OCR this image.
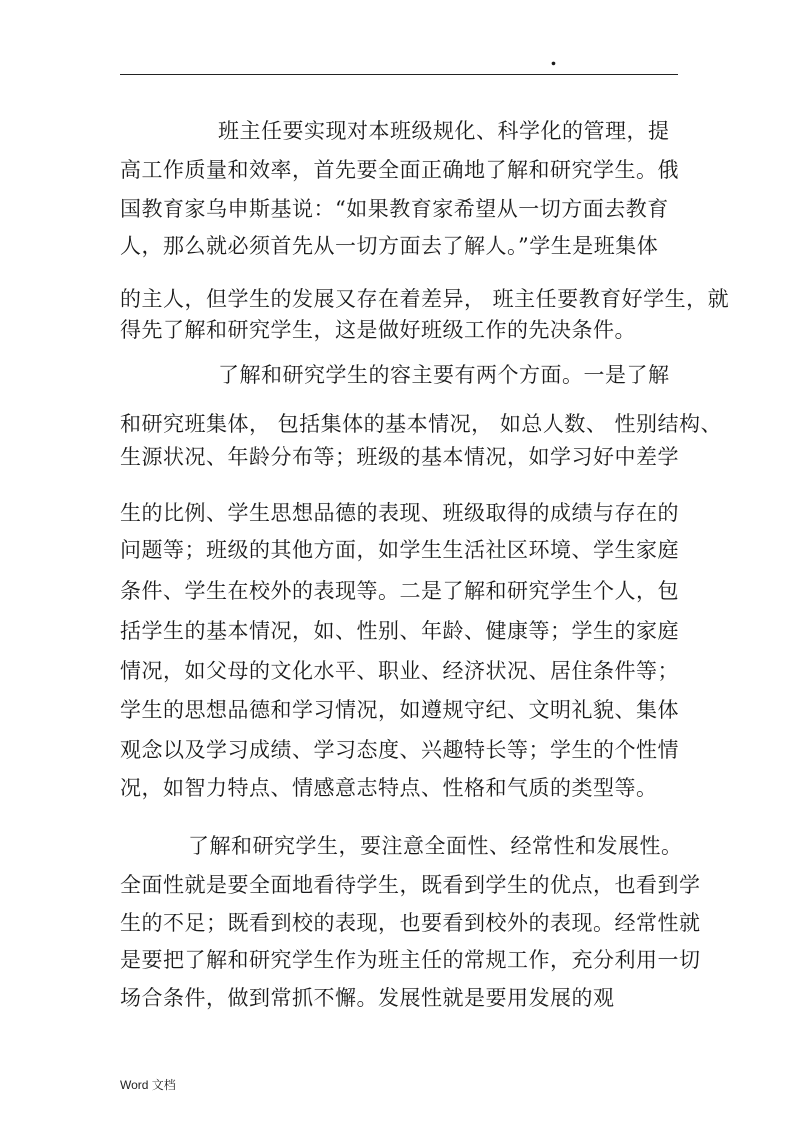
.
班主任要实现对本班级规化、科学化的管理，提
高工作质量和效率，首先要全面正确地了解和研究学生。俄
国教育家乌申斯基说：“如果教育家希望从一切方面去教育
人，那么就必须首先从一切方面去了解人。”学生是班集体
的主人，但学生的发展又存在着差异， 班主任要教育好学生，就
得先了解和研究学生，这是做好班级工作的先决条件。
了解和研究学生的容主要有两个方面。一是了解
和研究班集体， 包括集体的基本情况， 如总人数、 性别结构、
生源状况、年龄分布等；班级的基本情况，如学习好中差学
生的比例、学生思想品德的表现、班级取得的成绩与存在的
问题等；班级的其他方面，如学生生活社区环境、学生家庭
条件、学生在校外的表现等。二是了解和研究学生个人，包
括学生的基本情况，如、性别、年龄、健康等；学生的家庭
情况，如父母的文化水平、职业、经济状况、居住条件等；
学生的思想品德和学习情况，如遵规守纪、文明礼貌、集体
观念以及学习成绩、学习态度、兴趣特长等；学生的个性情
况，如智力特点、情感意志特点、性格和气质的类型等。
了解和研究学生，要注意全面性、经常性和发展性。
全面性就是要全面地看待学生，既看到学生的优点，也看到学
生的不足；既看到校的表现，也要看到校外的表现。经常性就
是要把了解和研究学生作为班主任的常规工作，充分利用一切
场合条件，做到常抓不懈。发展性就是要用发展的观
Word 文档
